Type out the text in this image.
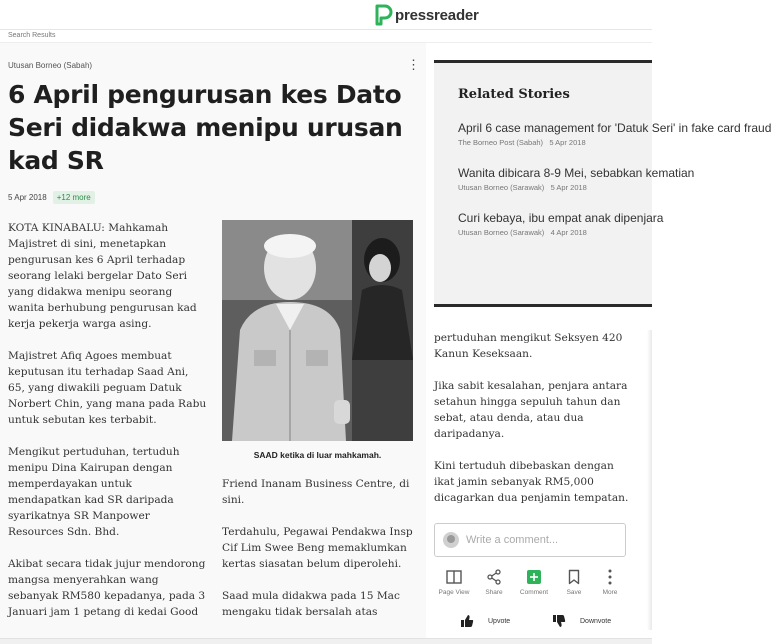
pressreader
Search Results
Utusan Borneo (Sabah)	⋮
6 April pengurusan kes Dato Seri didakwa menipu urusan kad SR
5 Apr 2018	+12 more

KOTA KINABALU: Mahkamah Majistret di sini, menetapkan pengurusan kes 6 April terhadap seorang lelaki bergelar Dato Seri yang didakwa menipu seorang wanita berhubung pengurusan kad kerja pekerja warga asing.

Majistret Afiq Agoes membuat keputusan itu terhadap Saad Ani, 65, yang diwakili peguam Datuk Norbert Chin, yang mana pada Rabu untuk sebutan kes terbabit.

Mengikut pertuduhan, tertuduh menipu Dina Kairupan dengan memperdayakan untuk mendapatkan kad SR daripada syarikatnya SR Manpower Resources Sdn. Bhd.

Akibat secara tidak jujur mendorong mangsa menyerahkan wang sebanyak RM580 kepadanya, pada 3 Januari jam 1 petang di kedai Good

SAAD ketika di luar mahkamah.

Friend Inanam Business Centre, di sini.

Terdahulu, Pegawai Pendakwa Insp Cif Lim Swee Beng memaklumkan kertas siasatan belum diperolehi.

Saad mula didakwa pada 15 Mac mengaku tidak bersalah atas

Related Stories
April 6 case management for 'Datuk Seri' in fake card fraud
The Borneo Post (Sabah) 5 Apr 2018
Wanita dibicara 8-9 Mei, sebabkan kematian
Utusan Borneo (Sarawak) 5 Apr 2018
Curi kebaya, ibu empat anak dipenjara
Utusan Borneo (Sarawak) 4 Apr 2018

pertuduhan mengikut Seksyen 420 Kanun Keseksaan.

Jika sabit kesalahan, penjara antara setahun hingga sepuluh tahun dan sebat, atau denda, atau dua daripadanya.

Kini tertuduh dibebaskan dengan ikat jamin sebanyak RM5,000 dicagarkan dua penjamin tempatan.

Write a comment...
Page View	Share	Comment	Save	More
Upvote	Downvote
